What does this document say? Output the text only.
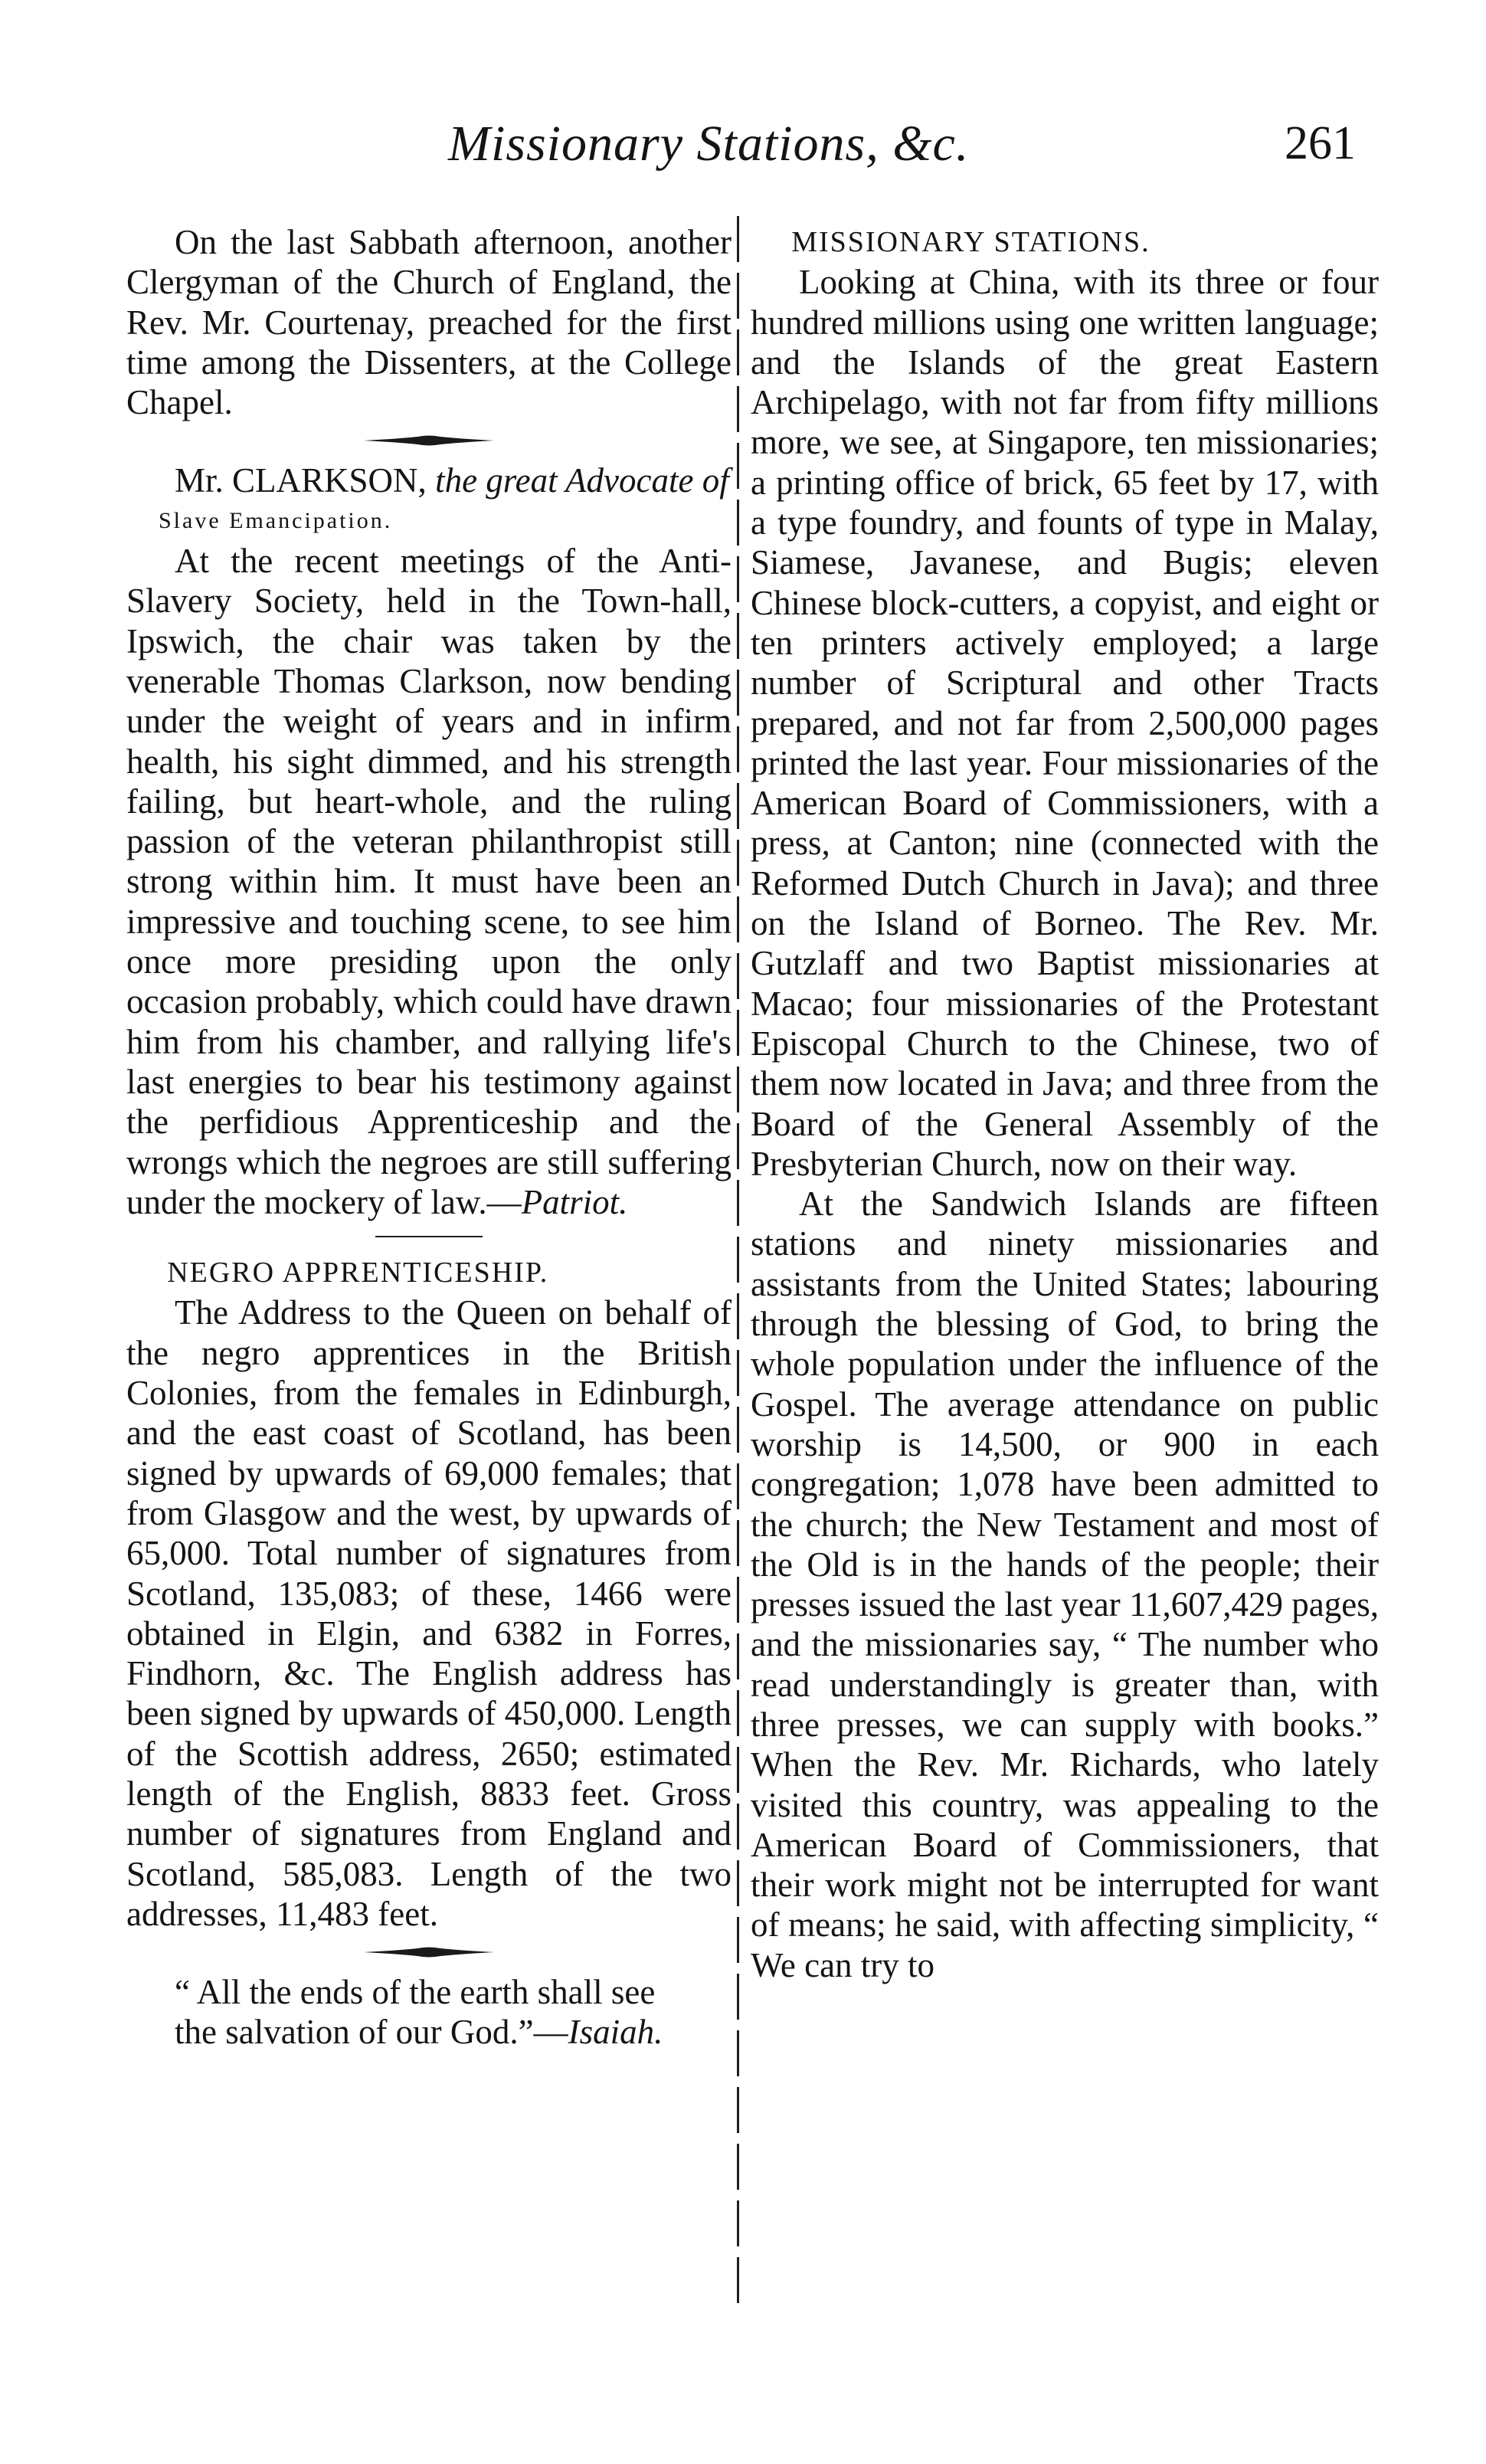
Missionary Stations, &c.	261

On the last Sabbath afternoon, another Clergyman of the Church of England, the Rev. Mr. Courtenay, preached for the first time among the Dissenters, at the College Chapel.

Mr. CLARKSON, the great Advocate of

Slave Emancipation.

At the recent meetings of the Anti-Slavery Society, held in the Town-hall, Ipswich, the chair was taken by the venerable Thomas Clarkson, now bending under the weight of years and in infirm health, his sight dimmed, and his strength failing, but heart-whole, and the ruling passion of the veteran philanthropist still strong within him. It must have been an impressive and touching scene, to see him once more presiding upon the only occasion probably, which could have drawn him from his chamber, and rallying life's last energies to bear his testimony against the perfidious Apprenticeship and the wrongs which the negroes are still suffering under the mockery of law.—Patriot.

NEGRO APPRENTICESHIP.

The Address to the Queen on behalf of the negro apprentices in the British Colonies, from the females in Edinburgh, and the east coast of Scotland, has been signed by upwards of 69,000 females; that from Glasgow and the west, by upwards of 65,000. Total number of signatures from Scotland, 135,083; of these, 1466 were obtained in Elgin, and 6382 in Forres, Findhorn, &c. The English address has been signed by upwards of 450,000. Length of the Scottish address, 2650; estimated length of the English, 8833 feet. Gross number of signatures from England and Scotland, 585,083. Length of the two addresses, 11,483 feet.

“ All the ends of the earth shall see
the salvation of our God.”—Isaiah.

MISSIONARY STATIONS.

Looking at China, with its three or four hundred millions using one written language; and the Islands of the great Eastern Archipelago, with not far from fifty millions more, we see, at Singapore, ten missionaries; a printing office of brick, 65 feet by 17, with a type foundry, and founts of type in Malay, Siamese, Javanese, and Bugis; eleven Chinese block-cutters, a copyist, and eight or ten printers actively employed; a large number of Scriptural and other Tracts prepared, and not far from 2,500,000 pages printed the last year. Four missionaries of the American Board of Commissioners, with a press, at Canton; nine (connected with the Reformed Dutch Church in Java); and three on the Island of Borneo. The Rev. Mr. Gutzlaff and two Baptist missionaries at Macao; four missionaries of the Protestant Episcopal Church to the Chinese, two of them now located in Java; and three from the Board of the General Assembly of the Presbyterian Church, now on their way.

At the Sandwich Islands are fifteen stations and ninety missionaries and assistants from the United States; labouring through the blessing of God, to bring the whole population under the influence of the Gospel. The average attendance on public worship is 14,500, or 900 in each congregation; 1,078 have been admitted to the church; the New Testament and most of the Old is in the hands of the people; their presses issued the last year 11,607,429 pages, and the missionaries say, “ The number who read understandingly is greater than, with three presses, we can supply with books.” When the Rev. Mr. Richards, who lately visited this country, was appealing to the American Board of Commissioners, that their work might not be interrupted for want of means; he said, with affecting simplicity, “ We can try to
